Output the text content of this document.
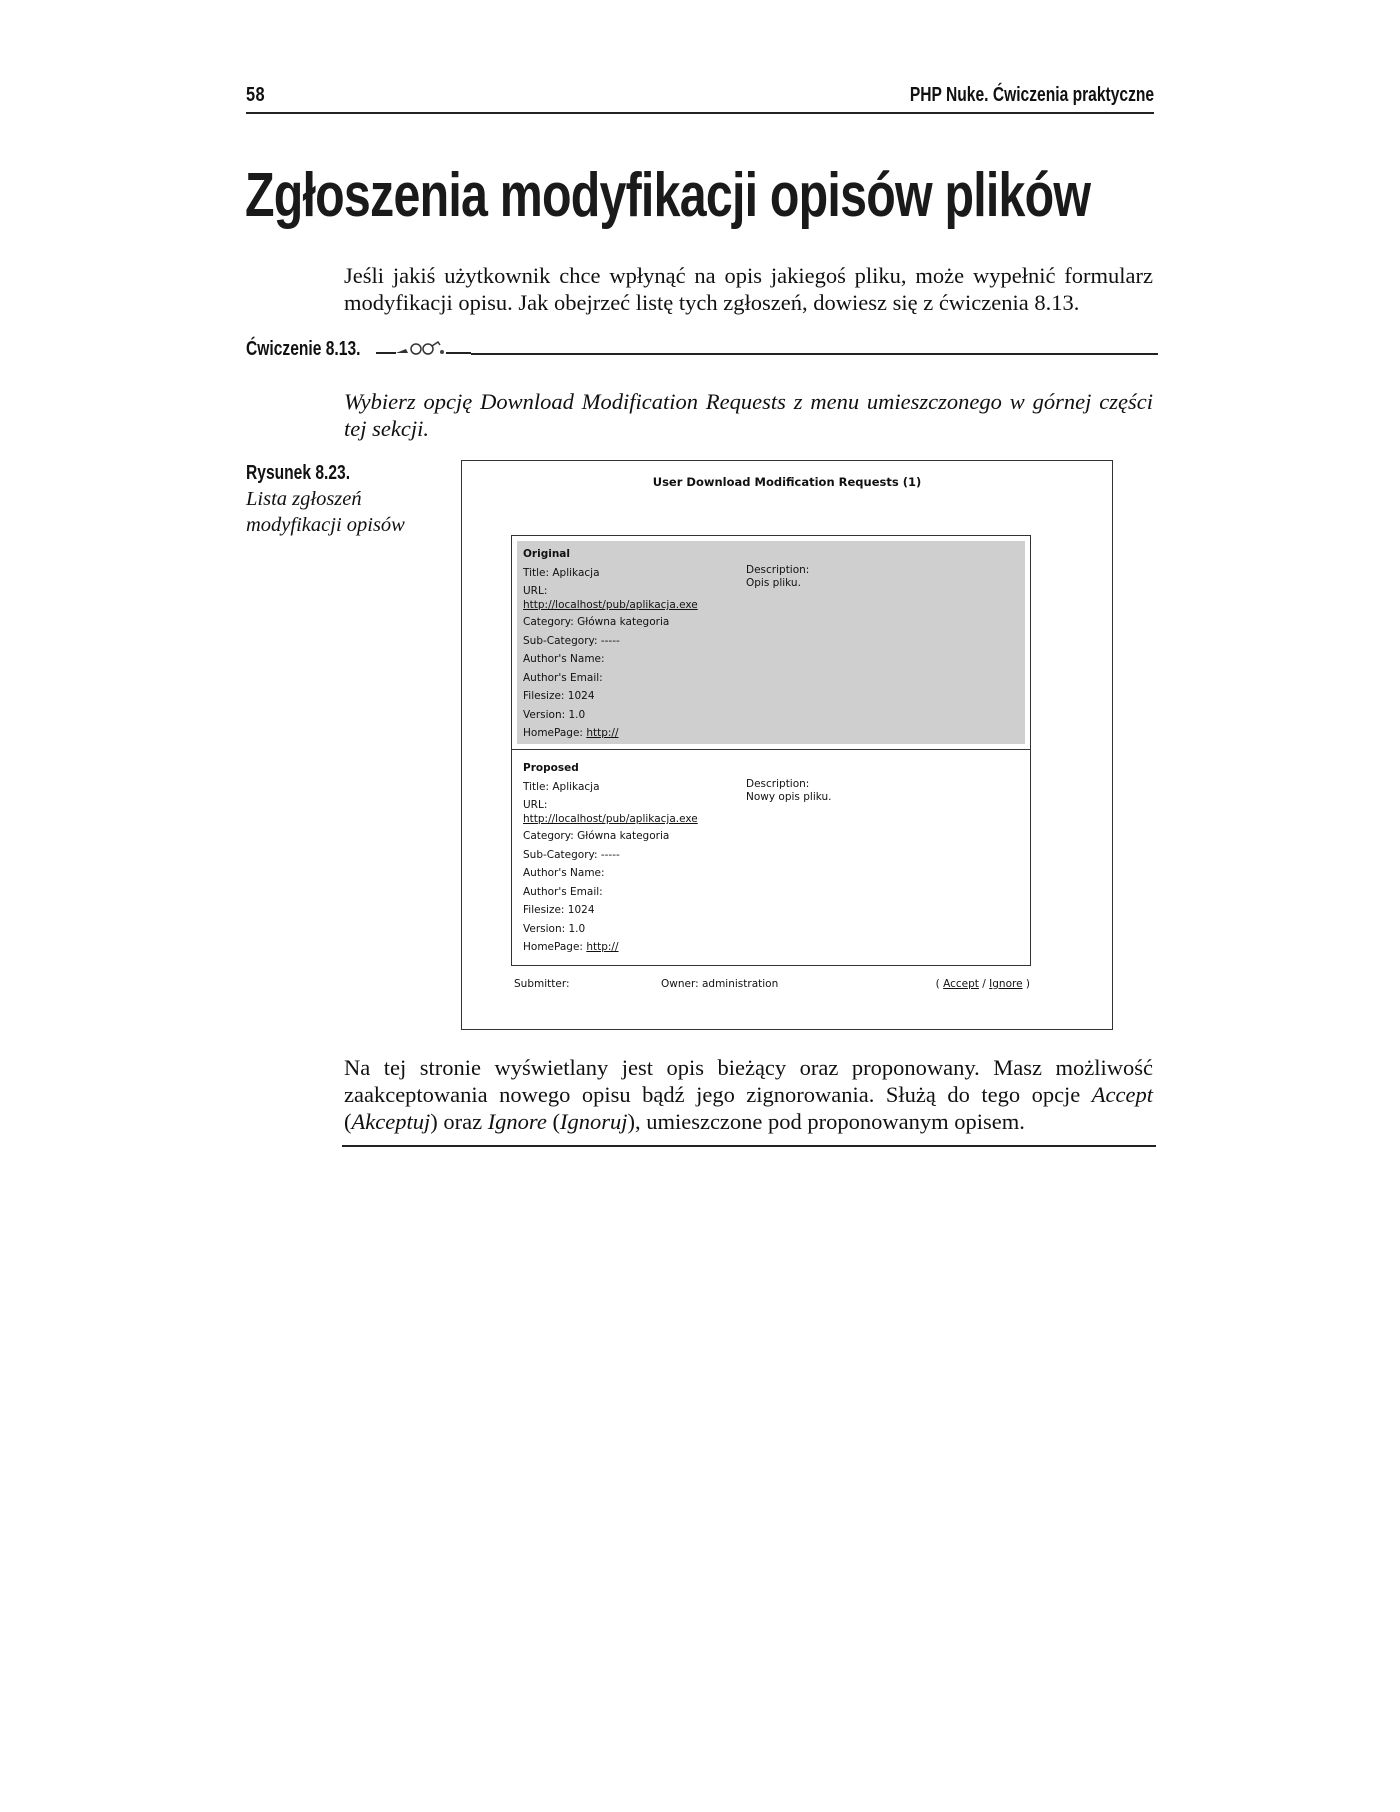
58	PHP Nuke. Ćwiczenia praktyczne
Zgłoszenia modyfikacji opisów plików
Jeśli jakiś użytkownik chce wpłynąć na opis jakiegoś pliku, może wypełnić formularz modyfikacji opisu. Jak obejrzeć listę tych zgłoszeń, dowiesz się z ćwiczenia 8.13.
Ćwiczenie 8.13.
Wybierz opcję Download Modification Requests z menu umieszczonego w górnej części tej sekcji.
Rysunek 8.23.
Lista zgłoszeń modyfikacji opisów
User Download Modification Requests (1)
Original
Title: Aplikacja
URL:
http://localhost/pub/aplikacja.exe
Category: Główna kategoria
Sub-Category: -----
Author's Name:
Author's Email:
Filesize: 1024
Version: 1.0
HomePage: http://
Description:
Opis pliku.
Proposed
Title: Aplikacja
URL:
http://localhost/pub/aplikacja.exe
Category: Główna kategoria
Sub-Category: -----
Author's Name:
Author's Email:
Filesize: 1024
Version: 1.0
HomePage: http://
Description:
Nowy opis pliku.
Submitter:	Owner: administration	( Accept / Ignore )
Na tej stronie wyświetlany jest opis bieżący oraz proponowany. Masz możliwość zaakceptowania nowego opisu bądź jego zignorowania. Służą do tego opcje Accept (Akceptuj) oraz Ignore (Ignoruj), umieszczone pod proponowanym opisem.
